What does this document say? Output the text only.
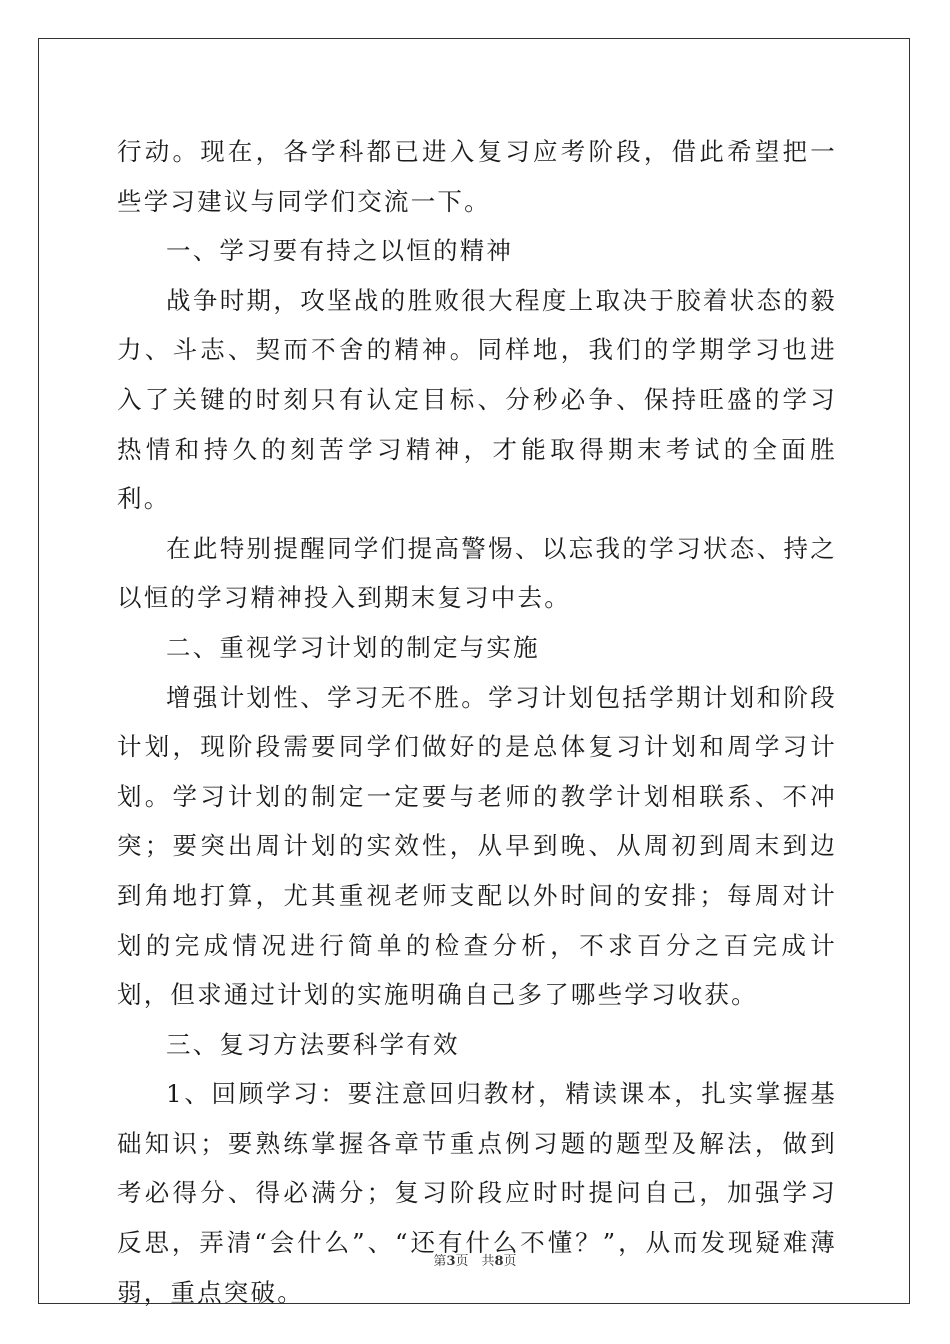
行动。现在，各学科都已进入复习应考阶段，借此希望把一些学习建议与同学们交流一下。

一、学习要有持之以恒的精神

战争时期，攻坚战的胜败很大程度上取决于胶着状态的毅力、斗志、契而不舍的精神。同样地，我们的学期学习也进入了关键的时刻只有认定目标、分秒必争、保持旺盛的学习热情和持久的刻苦学习精神，才能取得期末考试的全面胜利。

在此特别提醒同学们提高警惕、以忘我的学习状态、持之以恒的学习精神投入到期末复习中去。

二、重视学习计划的制定与实施

增强计划性、学习无不胜。学习计划包括学期计划和阶段计划，现阶段需要同学们做好的是总体复习计划和周学习计划。学习计划的制定一定要与老师的教学计划相联系、不冲突；要突出周计划的实效性，从早到晚、从周初到周末到边到角地打算，尤其重视老师支配以外时间的安排；每周对计划的完成情况进行简单的检查分析，不求百分之百完成计划，但求通过计划的实施明确自己多了哪些学习收获。

三、复习方法要科学有效

1、回顾学习：要注意回归教材，精读课本，扎实掌握基础知识；要熟练掌握各章节重点例习题的题型及解法，做到考必得分、得必满分；复习阶段应时时提问自己，加强学习反思，弄清“会什么”、“还有什么不懂？”，从而发现疑难薄弱，重点突破。

第3页　共8页
